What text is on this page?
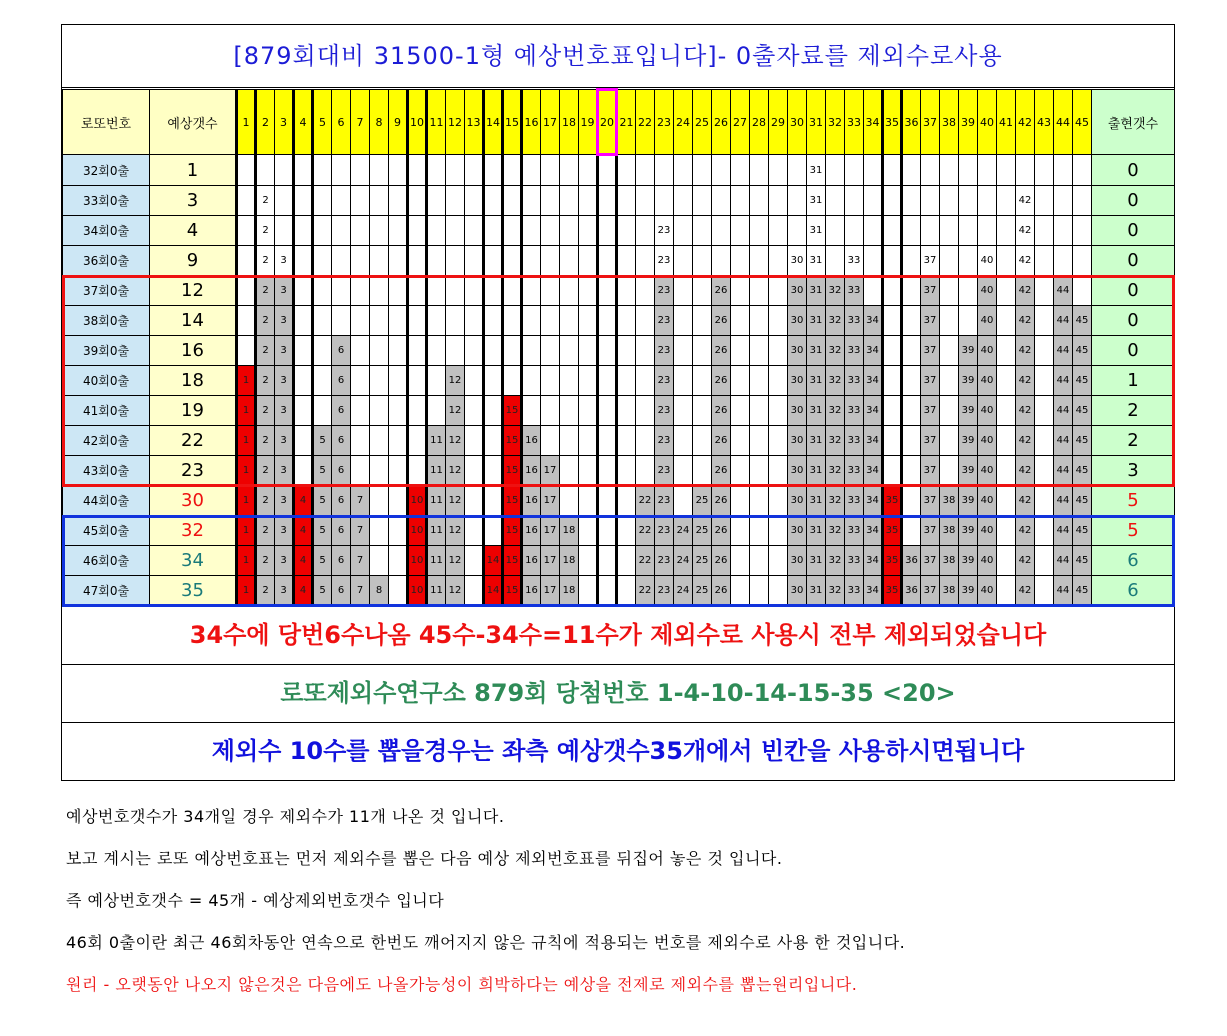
[879회대비 31500-1형 예상번호표입니다]- 0출자료를 제외수로사용
로또번호	예상갯수	1	2	3	4	5	6	7	8	9	10	11	12	13	14	15	16	17	18	19	20	21	22	23	24	25	26	27	28	29	30	31	32	33	34	35	36	37	38	39	40	41	42	43	44	45	출현갯수
32회0출	1																															31															0
33회0출	3		2																													31											42				0
34회0출	4		2																					23								31											42				0
36회0출	9		2	3																				23							30	31		33				37			40		42				0
37회0출	12		2	3																				23			26				30	31	32	33				37			40		42		44		0
38회0출	14		2	3																				23			26				30	31	32	33	34			37			40		42		44	45	0
39회0출	16		2	3			6																	23			26				30	31	32	33	34			37		39	40		42		44	45	0
40회0출	18	1	2	3			6						12											23			26				30	31	32	33	34			37		39	40		42		44	45	1
41회0출	19	1	2	3			6						12			15								23			26				30	31	32	33	34			37		39	40		42		44	45	2
42회0출	22	1	2	3		5	6					11	12			15	16							23			26				30	31	32	33	34			37		39	40		42		44	45	2
43회0출	23	1	2	3		5	6					11	12			15	16	17						23			26				30	31	32	33	34			37		39	40		42		44	45	3
44회0출	30	1	2	3	4	5	6	7			10	11	12			15	16	17					22	23		25	26				30	31	32	33	34	35		37	38	39	40		42		44	45	5
45회0출	32	1	2	3	4	5	6	7			10	11	12			15	16	17	18				22	23	24	25	26				30	31	32	33	34	35		37	38	39	40		42		44	45	5
46회0출	34	1	2	3	4	5	6	7			10	11	12		14	15	16	17	18				22	23	24	25	26				30	31	32	33	34	35	36	37	38	39	40		42		44	45	6
47회0출	35	1	2	3	4	5	6	7	8		10	11	12		14	15	16	17	18				22	23	24	25	26				30	31	32	33	34	35	36	37	38	39	40		42		44	45	6
34수에 당번6수나옴 45수-34수=11수가 제외수로 사용시 전부 제외되었습니다
로또제외수연구소 879회 당첨번호 1-4-10-14-15-35 <20>
제외수 10수를 뽑을경우는 좌측 예상갯수35개에서 빈칸을 사용하시면됩니다
예상번호갯수가 34개일 경우 제외수가 11개 나온 것 입니다.
보고 계시는 로또 예상번호표는 먼저 제외수를 뽑은 다음 예상 제외번호표를 뒤집어 놓은 것 입니다.
즉 예상번호갯수 = 45개 - 예상제외번호갯수 입니다
46회 0출이란 최근 46회차동안 연속으로 한번도 깨어지지 않은 규칙에 적용되는 번호를 제외수로 사용 한 것입니다.
원리 - 오랫동안 나오지 않은것은 다음에도 나올가능성이 희박하다는 예상을 전제로 제외수를 뽑는원리입니다.
